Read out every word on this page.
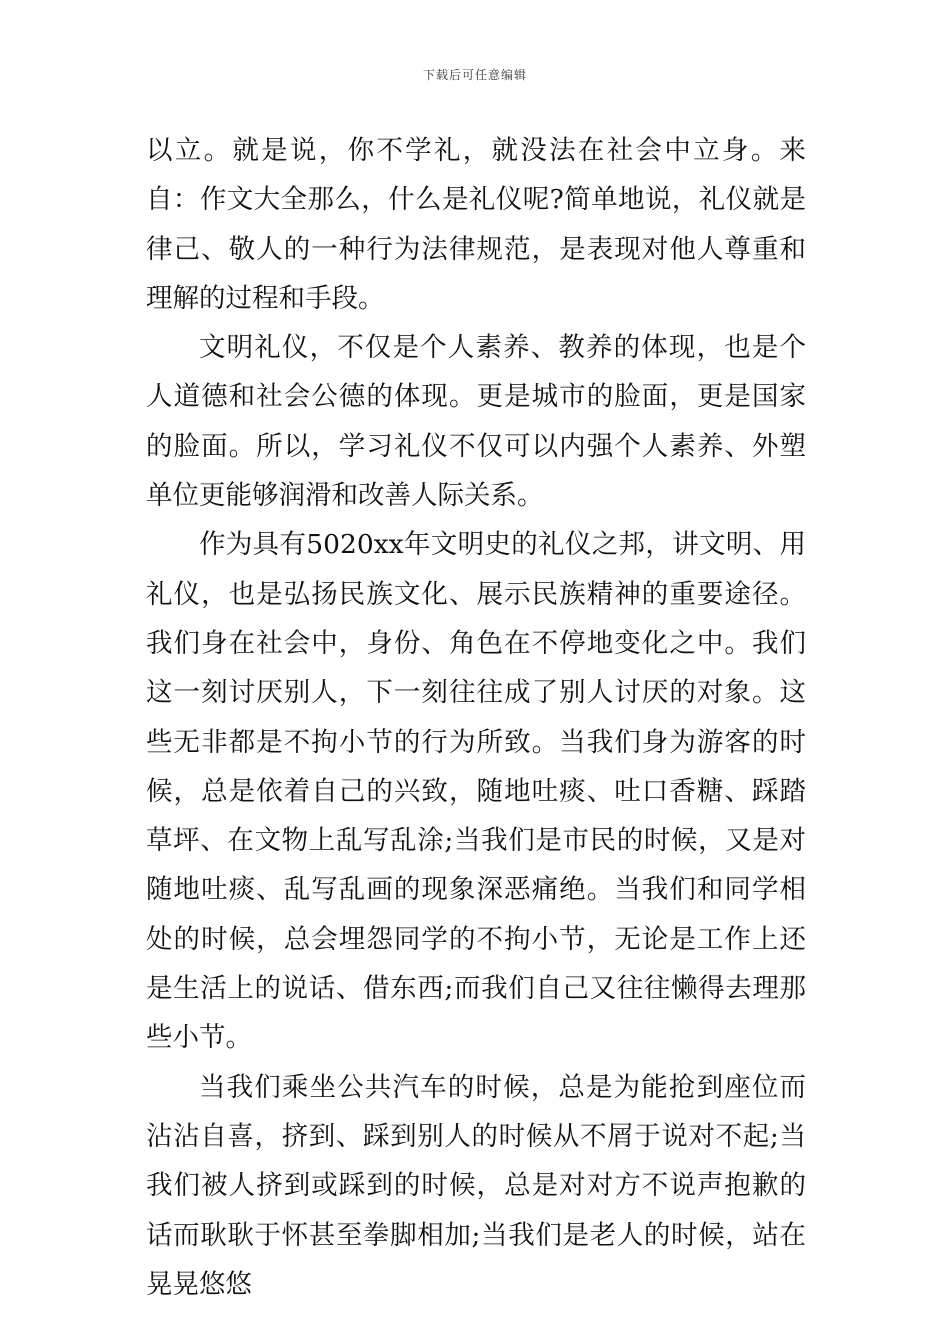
下载后可任意编辑

以立。就是说，你不学礼，就没法在社会中立身。来自：作文大全那么，什么是礼仪呢?简单地说，礼仪就是律己、敬人的一种行为法律规范，是表现对他人尊重和理解的过程和手段。

文明礼仪，不仅是个人素养、教养的体现，也是个人道德和社会公德的体现。更是城市的脸面，更是国家的脸面。所以，学习礼仪不仅可以内强个人素养、外塑单位更能够润滑和改善人际关系。

作为具有5020xx年文明史的礼仪之邦，讲文明、用礼仪，也是弘扬民族文化、展示民族精神的重要途径。我们身在社会中，身份、角色在不停地变化之中。我们这一刻讨厌别人，下一刻往往成了别人讨厌的对象。这些无非都是不拘小节的行为所致。当我们身为游客的时候，总是依着自己的兴致，随地吐痰、吐口香糖、踩踏草坪、在文物上乱写乱涂;当我们是市民的时候，又是对随地吐痰、乱写乱画的现象深恶痛绝。当我们和同学相处的时候，总会埋怨同学的不拘小节，无论是工作上还是生活上的说话、借东西;而我们自己又往往懒得去理那些小节。

当我们乘坐公共汽车的时候，总是为能抢到座位而沾沾自喜，挤到、踩到别人的时候从不屑于说对不起;当我们被人挤到或踩到的时候，总是对对方不说声抱歉的话而耿耿于怀甚至拳脚相加;当我们是老人的时候，站在晃晃悠悠
